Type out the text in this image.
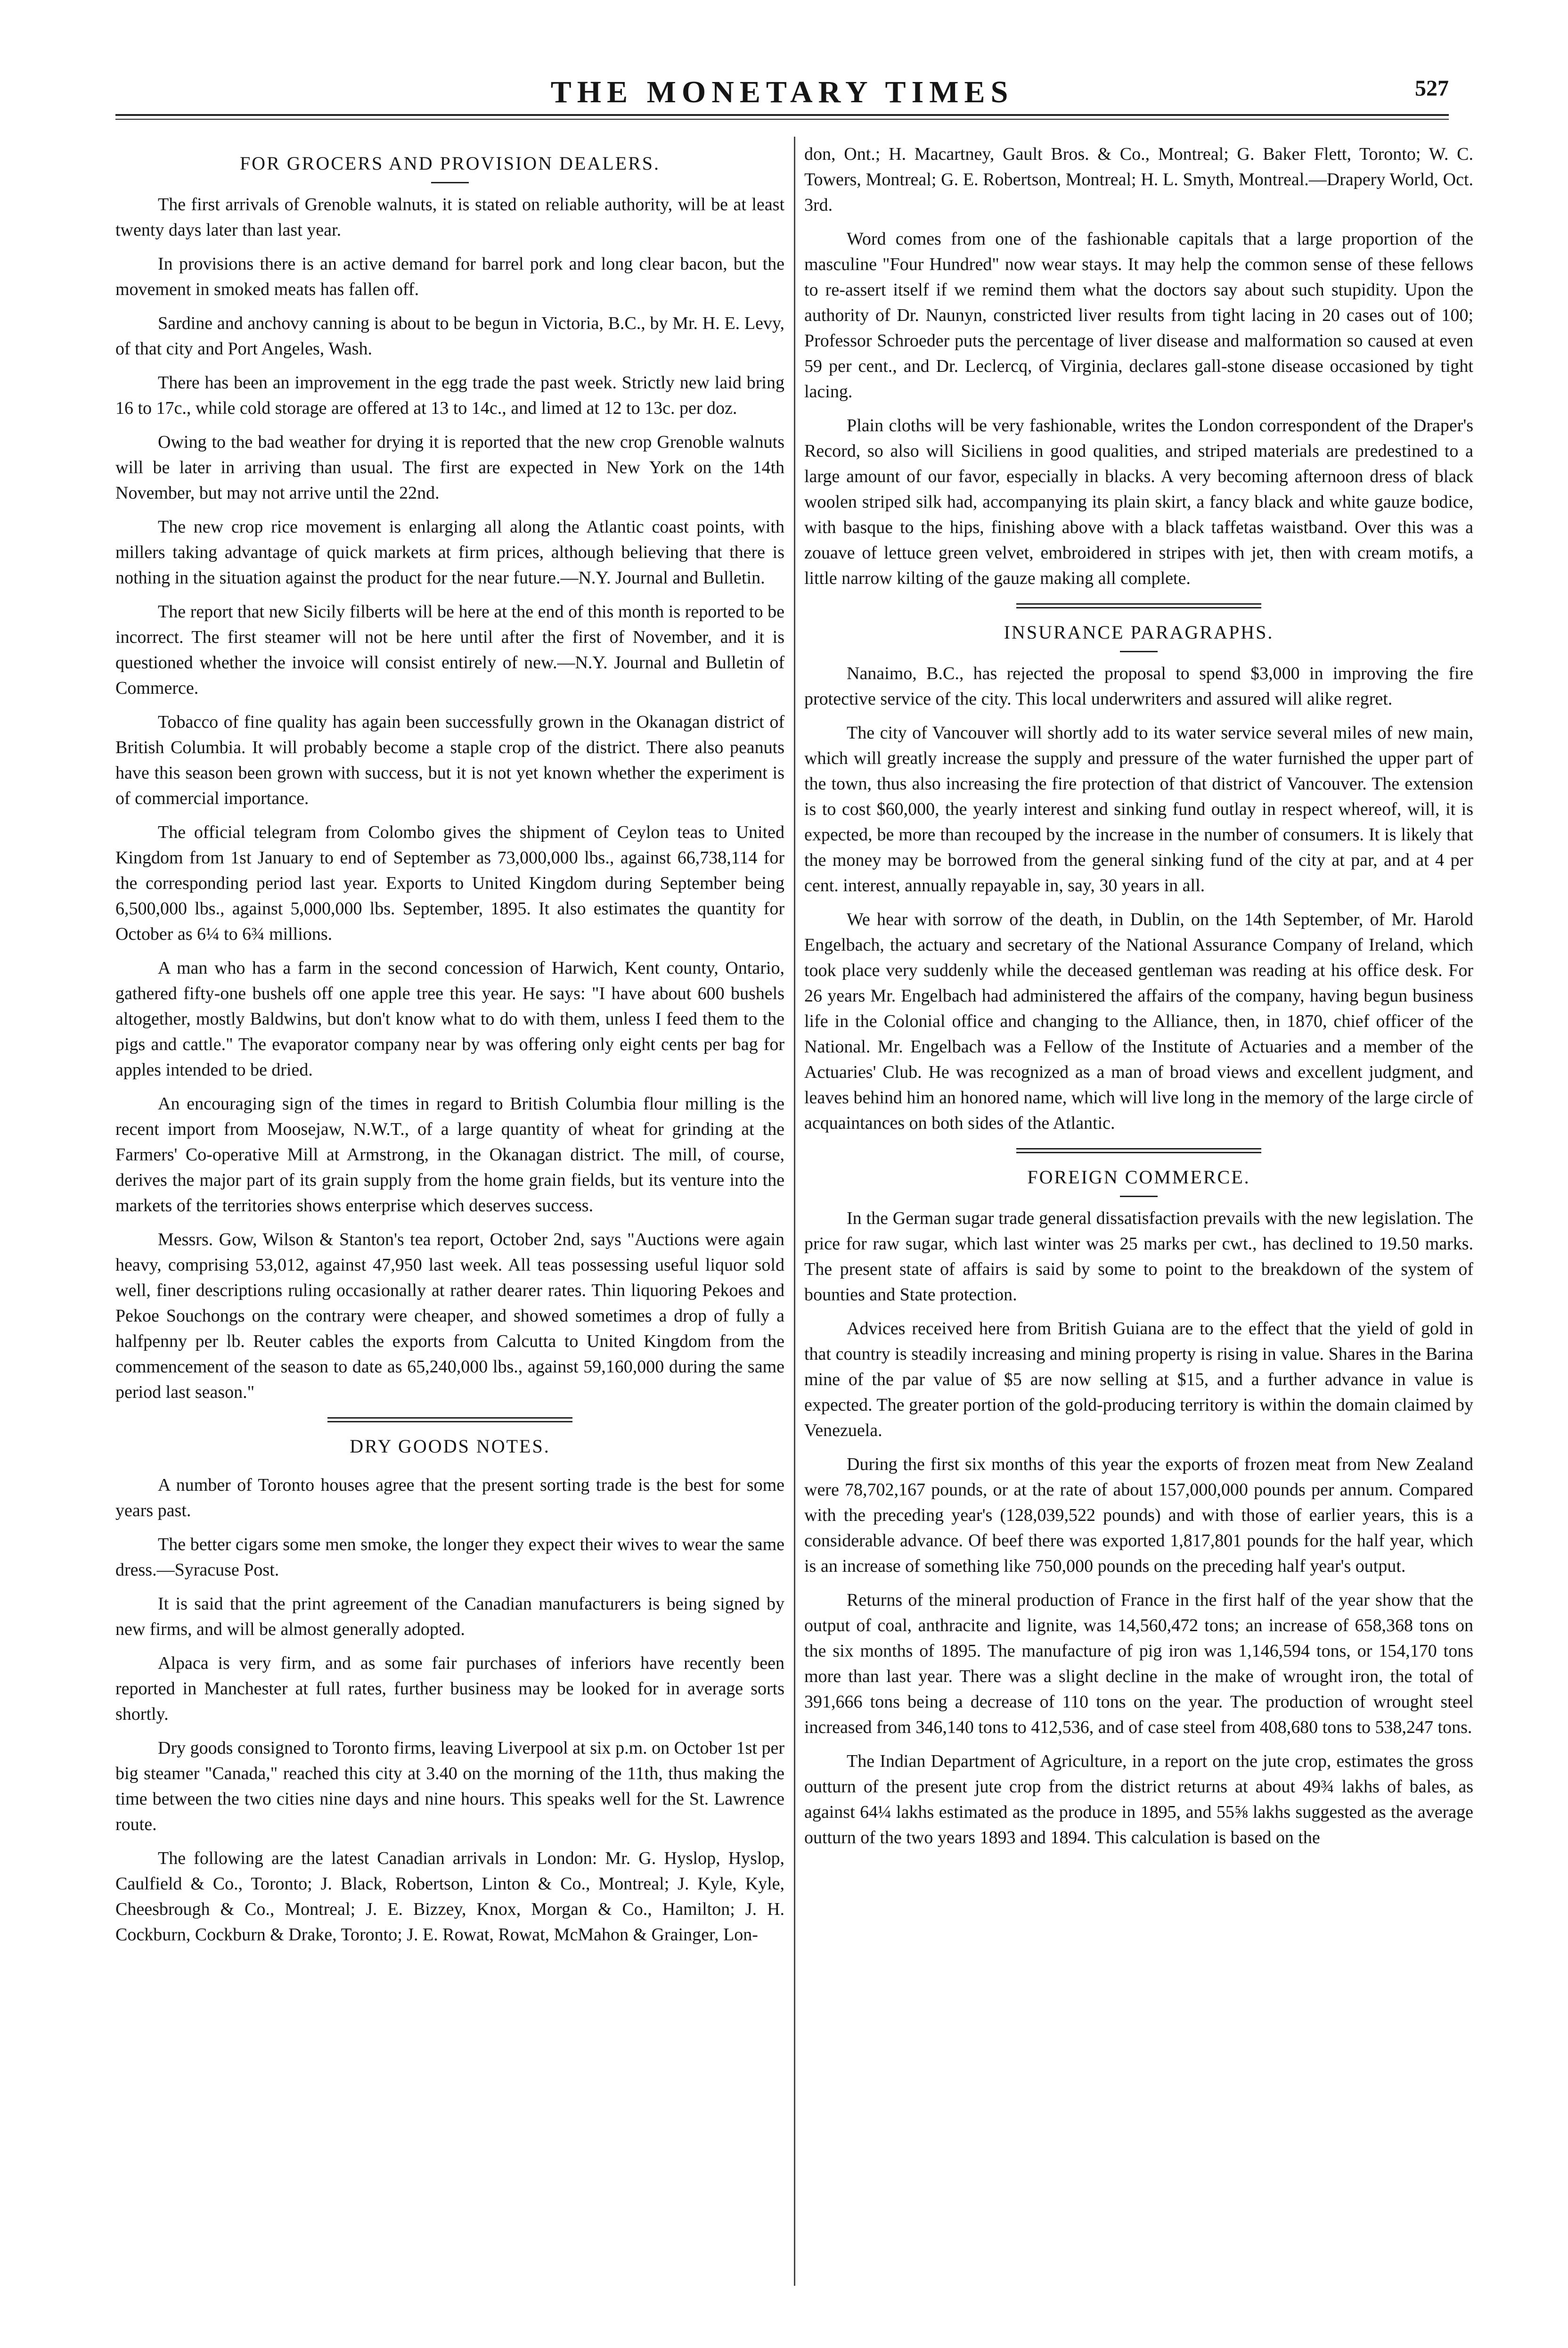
THE MONETARY TIMES	527
FOR GROCERS AND PROVISION DEALERS.

The first arrivals of Grenoble walnuts, it is stated on reliable authority, will be at least twenty days later than last year.

In provisions there is an active demand for barrel pork and long clear bacon, but the movement in smoked meats has fallen off.

Sardine and anchovy canning is about to be begun in Victoria, B.C., by Mr. H. E. Levy, of that city and Port Angeles, Wash.

There has been an improvement in the egg trade the past week. Strictly new laid bring 16 to 17c., while cold storage are offered at 13 to 14c., and limed at 12 to 13c. per doz.

Owing to the bad weather for drying it is reported that the new crop Grenoble walnuts will be later in arriving than usual. The first are expected in New York on the 14th November, but may not arrive until the 22nd.

The new crop rice movement is enlarging all along the Atlantic coast points, with millers taking advantage of quick markets at firm prices, although believing that there is nothing in the situation against the product for the near future.—N.Y. Journal and Bulletin.

The report that new Sicily filberts will be here at the end of this month is reported to be incorrect. The first steamer will not be here until after the first of November, and it is questioned whether the invoice will consist entirely of new.—N.Y. Journal and Bulletin of Commerce.

Tobacco of fine quality has again been successfully grown in the Okanagan district of British Columbia. It will probably become a staple crop of the district. There also peanuts have this season been grown with success, but it is not yet known whether the experiment is of commercial importance.

The official telegram from Colombo gives the shipment of Ceylon teas to United Kingdom from 1st January to end of September as 73,000,000 lbs., against 66,738,114 for the corresponding period last year. Exports to United Kingdom during September being 6,500,000 lbs., against 5,000,000 lbs. September, 1895. It also estimates the quantity for October as 6¼ to 6¾ millions.

A man who has a farm in the second concession of Harwich, Kent county, Ontario, gathered fifty-one bushels off one apple tree this year. He says: "I have about 600 bushels altogether, mostly Baldwins, but don't know what to do with them, unless I feed them to the pigs and cattle." The evaporator company near by was offering only eight cents per bag for apples intended to be dried.

An encouraging sign of the times in regard to British Columbia flour milling is the recent import from Moosejaw, N.W.T., of a large quantity of wheat for grinding at the Farmers' Co-operative Mill at Armstrong, in the Okanagan district. The mill, of course, derives the major part of its grain supply from the home grain fields, but its venture into the markets of the territories shows enterprise which deserves success.

Messrs. Gow, Wilson & Stanton's tea report, October 2nd, says "Auctions were again heavy, comprising 53,012, against 47,950 last week. All teas possessing useful liquor sold well, finer descriptions ruling occasionally at rather dearer rates. Thin liquoring Pekoes and Pekoe Souchongs on the contrary were cheaper, and showed sometimes a drop of fully a halfpenny per lb. Reuter cables the exports from Calcutta to United Kingdom from the commencement of the season to date as 65,240,000 lbs., against 59,160,000 during the same period last season."

DRY GOODS NOTES.

A number of Toronto houses agree that the present sorting trade is the best for some years past.

The better cigars some men smoke, the longer they expect their wives to wear the same dress.—Syracuse Post.

It is said that the print agreement of the Canadian manufacturers is being signed by new firms, and will be almost generally adopted.

Alpaca is very firm, and as some fair purchases of inferiors have recently been reported in Manchester at full rates, further business may be looked for in average sorts shortly.

Dry goods consigned to Toronto firms, leaving Liverpool at six p.m. on October 1st per big steamer "Canada," reached this city at 3.40 on the morning of the 11th, thus making the time between the two cities nine days and nine hours. This speaks well for the St. Lawrence route.

The following are the latest Canadian arrivals in London: Mr. G. Hyslop, Hyslop, Caulfield & Co., Toronto; J. Black, Robertson, Linton & Co., Montreal; J. Kyle, Kyle, Cheesbrough & Co., Montreal; J. E. Bizzey, Knox, Morgan & Co., Hamilton; J. H. Cockburn, Cockburn & Drake, Toronto; J. E. Rowat, Rowat, McMahon & Grainger, Lon-

don, Ont.; H. Macartney, Gault Bros. & Co., Montreal; G. Baker Flett, Toronto; W. C. Towers, Montreal; G. E. Robertson, Montreal; H. L. Smyth, Montreal.—Drapery World, Oct. 3rd.

Word comes from one of the fashionable capitals that a large proportion of the masculine "Four Hundred" now wear stays. It may help the common sense of these fellows to re-assert itself if we remind them what the doctors say about such stupidity. Upon the authority of Dr. Naunyn, constricted liver results from tight lacing in 20 cases out of 100; Professor Schroeder puts the percentage of liver disease and malformation so caused at even 59 per cent., and Dr. Leclercq, of Virginia, declares gall-stone disease occasioned by tight lacing.

Plain cloths will be very fashionable, writes the London correspondent of the Draper's Record, so also will Siciliens in good qualities, and striped materials are predestined to a large amount of our favor, especially in blacks. A very becoming afternoon dress of black woolen striped silk had, accompanying its plain skirt, a fancy black and white gauze bodice, with basque to the hips, finishing above with a black taffetas waistband. Over this was a zouave of lettuce green velvet, embroidered in stripes with jet, then with cream motifs, a little narrow kilting of the gauze making all complete.

INSURANCE PARAGRAPHS.

Nanaimo, B.C., has rejected the proposal to spend $3,000 in improving the fire protective service of the city. This local underwriters and assured will alike regret.

The city of Vancouver will shortly add to its water service several miles of new main, which will greatly increase the supply and pressure of the water furnished the upper part of the town, thus also increasing the fire protection of that district of Vancouver. The extension is to cost $60,000, the yearly interest and sinking fund outlay in respect whereof, will, it is expected, be more than recouped by the increase in the number of consumers. It is likely that the money may be borrowed from the general sinking fund of the city at par, and at 4 per cent. interest, annually repayable in, say, 30 years in all.

We hear with sorrow of the death, in Dublin, on the 14th September, of Mr. Harold Engelbach, the actuary and secretary of the National Assurance Company of Ireland, which took place very suddenly while the deceased gentleman was reading at his office desk. For 26 years Mr. Engelbach had administered the affairs of the company, having begun business life in the Colonial office and changing to the Alliance, then, in 1870, chief officer of the National. Mr. Engelbach was a Fellow of the Institute of Actuaries and a member of the Actuaries' Club. He was recognized as a man of broad views and excellent judgment, and leaves behind him an honored name, which will live long in the memory of the large circle of acquaintances on both sides of the Atlantic.

FOREIGN COMMERCE.

In the German sugar trade general dissatisfaction prevails with the new legislation. The price for raw sugar, which last winter was 25 marks per cwt., has declined to 19.50 marks. The present state of affairs is said by some to point to the breakdown of the system of bounties and State protection.

Advices received here from British Guiana are to the effect that the yield of gold in that country is steadily increasing and mining property is rising in value. Shares in the Barina mine of the par value of $5 are now selling at $15, and a further advance in value is expected. The greater portion of the gold-producing territory is within the domain claimed by Venezuela.

During the first six months of this year the exports of frozen meat from New Zealand were 78,702,167 pounds, or at the rate of about 157,000,000 pounds per annum. Compared with the preceding year's (128,039,522 pounds) and with those of earlier years, this is a considerable advance. Of beef there was exported 1,817,801 pounds for the half year, which is an increase of something like 750,000 pounds on the preceding half year's output.

Returns of the mineral production of France in the first half of the year show that the output of coal, anthracite and lignite, was 14,560,472 tons; an increase of 658,368 tons on the six months of 1895. The manufacture of pig iron was 1,146,594 tons, or 154,170 tons more than last year. There was a slight decline in the make of wrought iron, the total of 391,666 tons being a decrease of 110 tons on the year. The production of wrought steel increased from 346,140 tons to 412,536, and of case steel from 408,680 tons to 538,247 tons.

The Indian Department of Agriculture, in a report on the jute crop, estimates the gross outturn of the present jute crop from the district returns at about 49¾ lakhs of bales, as against 64¼ lakhs estimated as the produce in 1895, and 55⅝ lakhs suggested as the average outturn of the two years 1893 and 1894. This calculation is based on the
